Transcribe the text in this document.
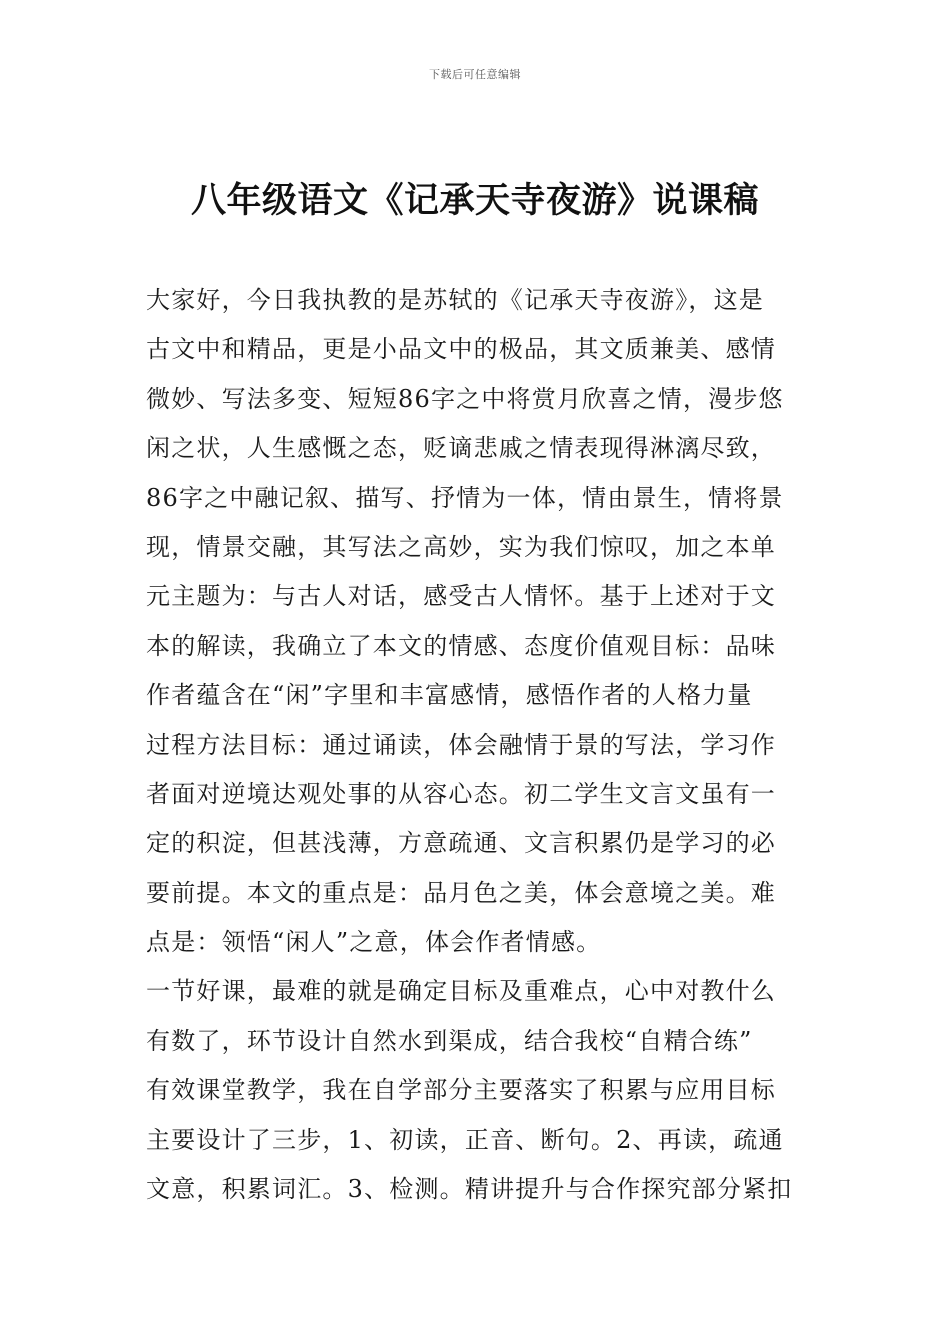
下载后可任意编辑
八年级语文《记承天寺夜游》说课稿
大家好，今日我执教的是苏轼的《记承天寺夜游》，这是
古文中和精品，更是小品文中的极品，其文质兼美、感情
微妙、写法多变、短短86字之中将赏月欣喜之情，漫步悠
闲之状，人生感慨之态，贬谪悲戚之情表现得淋漓尽致，
86字之中融记叙、描写、抒情为一体，情由景生，情将景
现，情景交融，其写法之高妙，实为我们惊叹，加之本单
元主题为：与古人对话，感受古人情怀。基于上述对于文
本的解读，我确立了本文的情感、态度价值观目标：品味
作者蕴含在“闲”字里和丰富感情，感悟作者的人格力量
过程方法目标：通过诵读，体会融情于景的写法，学习作
者面对逆境达观处事的从容心态。初二学生文言文虽有一
定的积淀，但甚浅薄，方意疏通、文言积累仍是学习的必
要前提。本文的重点是：品月色之美，体会意境之美。难
点是：领悟“闲人”之意，体会作者情感。
一节好课，最难的就是确定目标及重难点，心中对教什么
有数了，环节设计自然水到渠成，结合我校“自精合练”
有效课堂教学，我在自学部分主要落实了积累与应用目标
主要设计了三步，1、初读，正音、断句。2、再读，疏通
文意，积累词汇。3、检测。精讲提升与合作探究部分紧扣
